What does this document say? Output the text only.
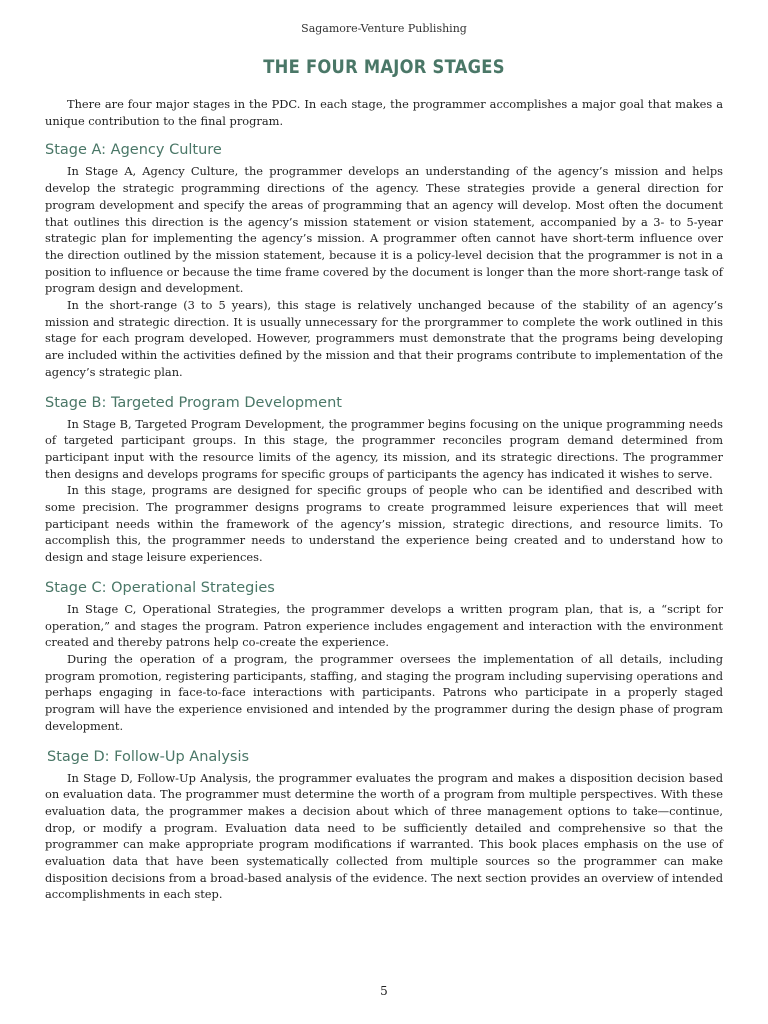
Sagamore-Venture Publishing
THE FOUR MAJOR STAGES

There are four major stages in the PDC. In each stage, the programmer accomplishes a major goal that makes a unique contribution to the final program.

Stage A: Agency Culture

In Stage A, Agency Culture, the programmer develops an understanding of the agency’s mission and helps develop the strategic programming directions of the agency. These strategies provide a general direction for program development and specify the areas of programming that an agency will develop. Most often the document that outlines this direction is the agency’s mission statement or vision statement, accompanied by a 3- to 5-year strategic plan for implementing the agency’s mission. A programmer often cannot have short-term influence over the direction outlined by the mission statement, because it is a policy-level decision that the programmer is not in a position to influence or because the time frame covered by the document is longer than the more short-range task of program design and development.

In the short-range (3 to 5 years), this stage is relatively unchanged because of the stability of an agency’s mission and strategic direction. It is usually unnecessary for the prorgrammer to complete the work outlined in this stage for each program developed. However, programmers must demonstrate that the programs being developing are included within the activities defined by the mission and that their programs contribute to implementation of the agency’s strategic plan.

Stage B: Targeted Program Development

In Stage B, Targeted Program Development, the programmer begins focusing on the unique programming needs of targeted participant groups. In this stage, the programmer reconciles program demand determined from participant input with the resource limits of the agency, its mission, and its strategic directions. The programmer then designs and develops programs for specific groups of participants the agency has indicated it wishes to serve.

In this stage, programs are designed for specific groups of people who can be identified and described with some precision. The programmer designs programs to create programmed leisure experiences that will meet participant needs within the framework of the agency’s mission, strategic directions, and resource limits. To accomplish this, the programmer needs to understand the experience being created and to understand how to design and stage leisure experiences.

Stage C: Operational Strategies

In Stage C, Operational Strategies, the programmer develops a written program plan, that is, a “script for operation,” and stages the program. Patron experience includes engagement and interaction with the environment created and thereby patrons help co-create the experience.

During the operation of a program, the programmer oversees the implementation of all details, including program promotion, registering participants, staffing, and staging the program including supervising operations and perhaps engaging in face-to-face interactions with participants. Patrons who participate in a properly staged program will have the experience envisioned and intended by the programmer during the design phase of program development.

Stage D: Follow-Up Analysis

In Stage D, Follow-Up Analysis, the programmer evaluates the program and makes a disposition decision based on evaluation data. The programmer must determine the worth of a program from multiple perspectives. With these evaluation data, the programmer makes a decision about which of three management options to take—continue, drop, or modify a program. Evaluation data need to be sufficiently detailed and comprehensive so that the programmer can make appropriate program modifications if warranted. This book places emphasis on the use of evaluation data that have been systematically collected from multiple sources so the programmer can make disposition decisions from a broad-based analysis of the evidence. The next section provides an overview of intended accomplishments in each step.

5
